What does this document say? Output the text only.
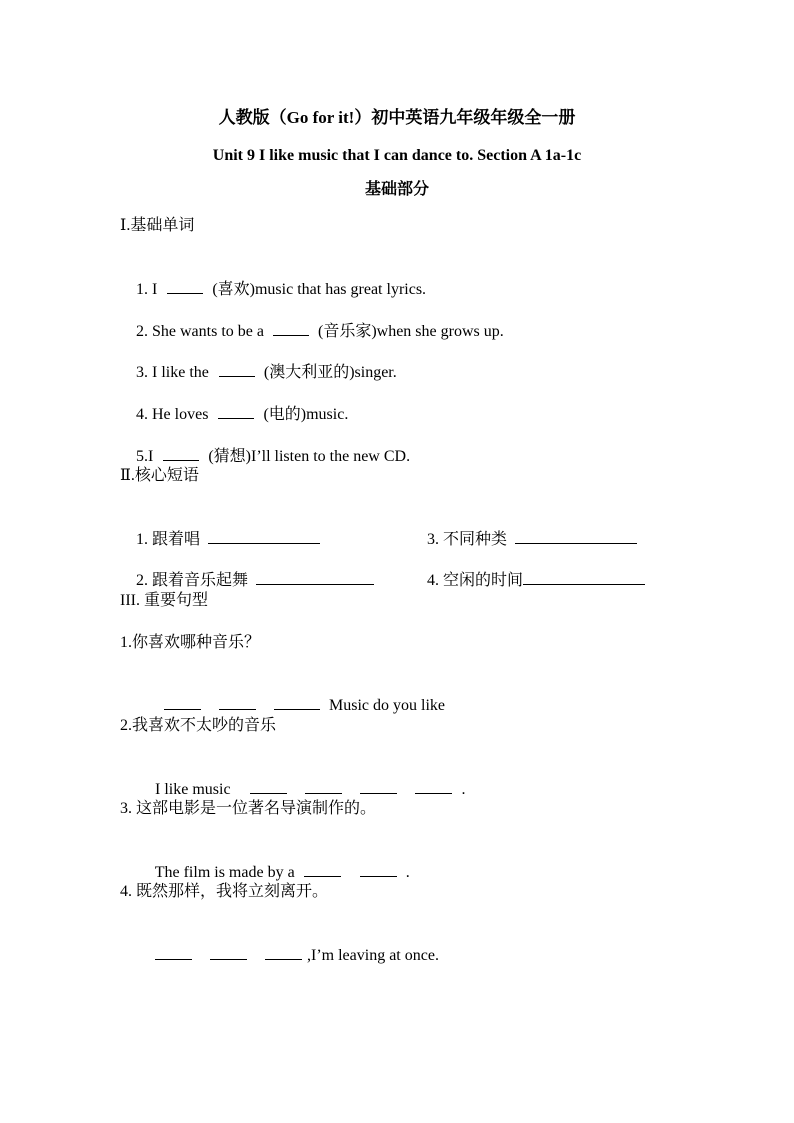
人教版（Go for it!）初中英语九年级年级全一册
Unit 9 I like music that I can dance to. Section A 1a-1c
基础部分
Ⅰ.基础单词

1. I	(喜欢)music that has great lyrics.

2. She wants to be a	(音乐家)when she grows up.

3. I like the	(澳大利亚的)singer.

4. He loves	(电的)music.

5.I	(猜想)I’ll listen to the new CD.

Ⅱ.核心短语

1. 跟着唱
	3. 不同种类

2. 跟着音乐起舞
	4. 空闲的时间

III. 重要句型
1.你喜欢哪种音乐？

Music do you like

2.我喜欢不太吵的音乐

I like music	.

3. 这部电影是一位著名导演制作的。

The film is made by a	.

4. 既然那样，我将立刻离开。

,I’m leaving at once.
